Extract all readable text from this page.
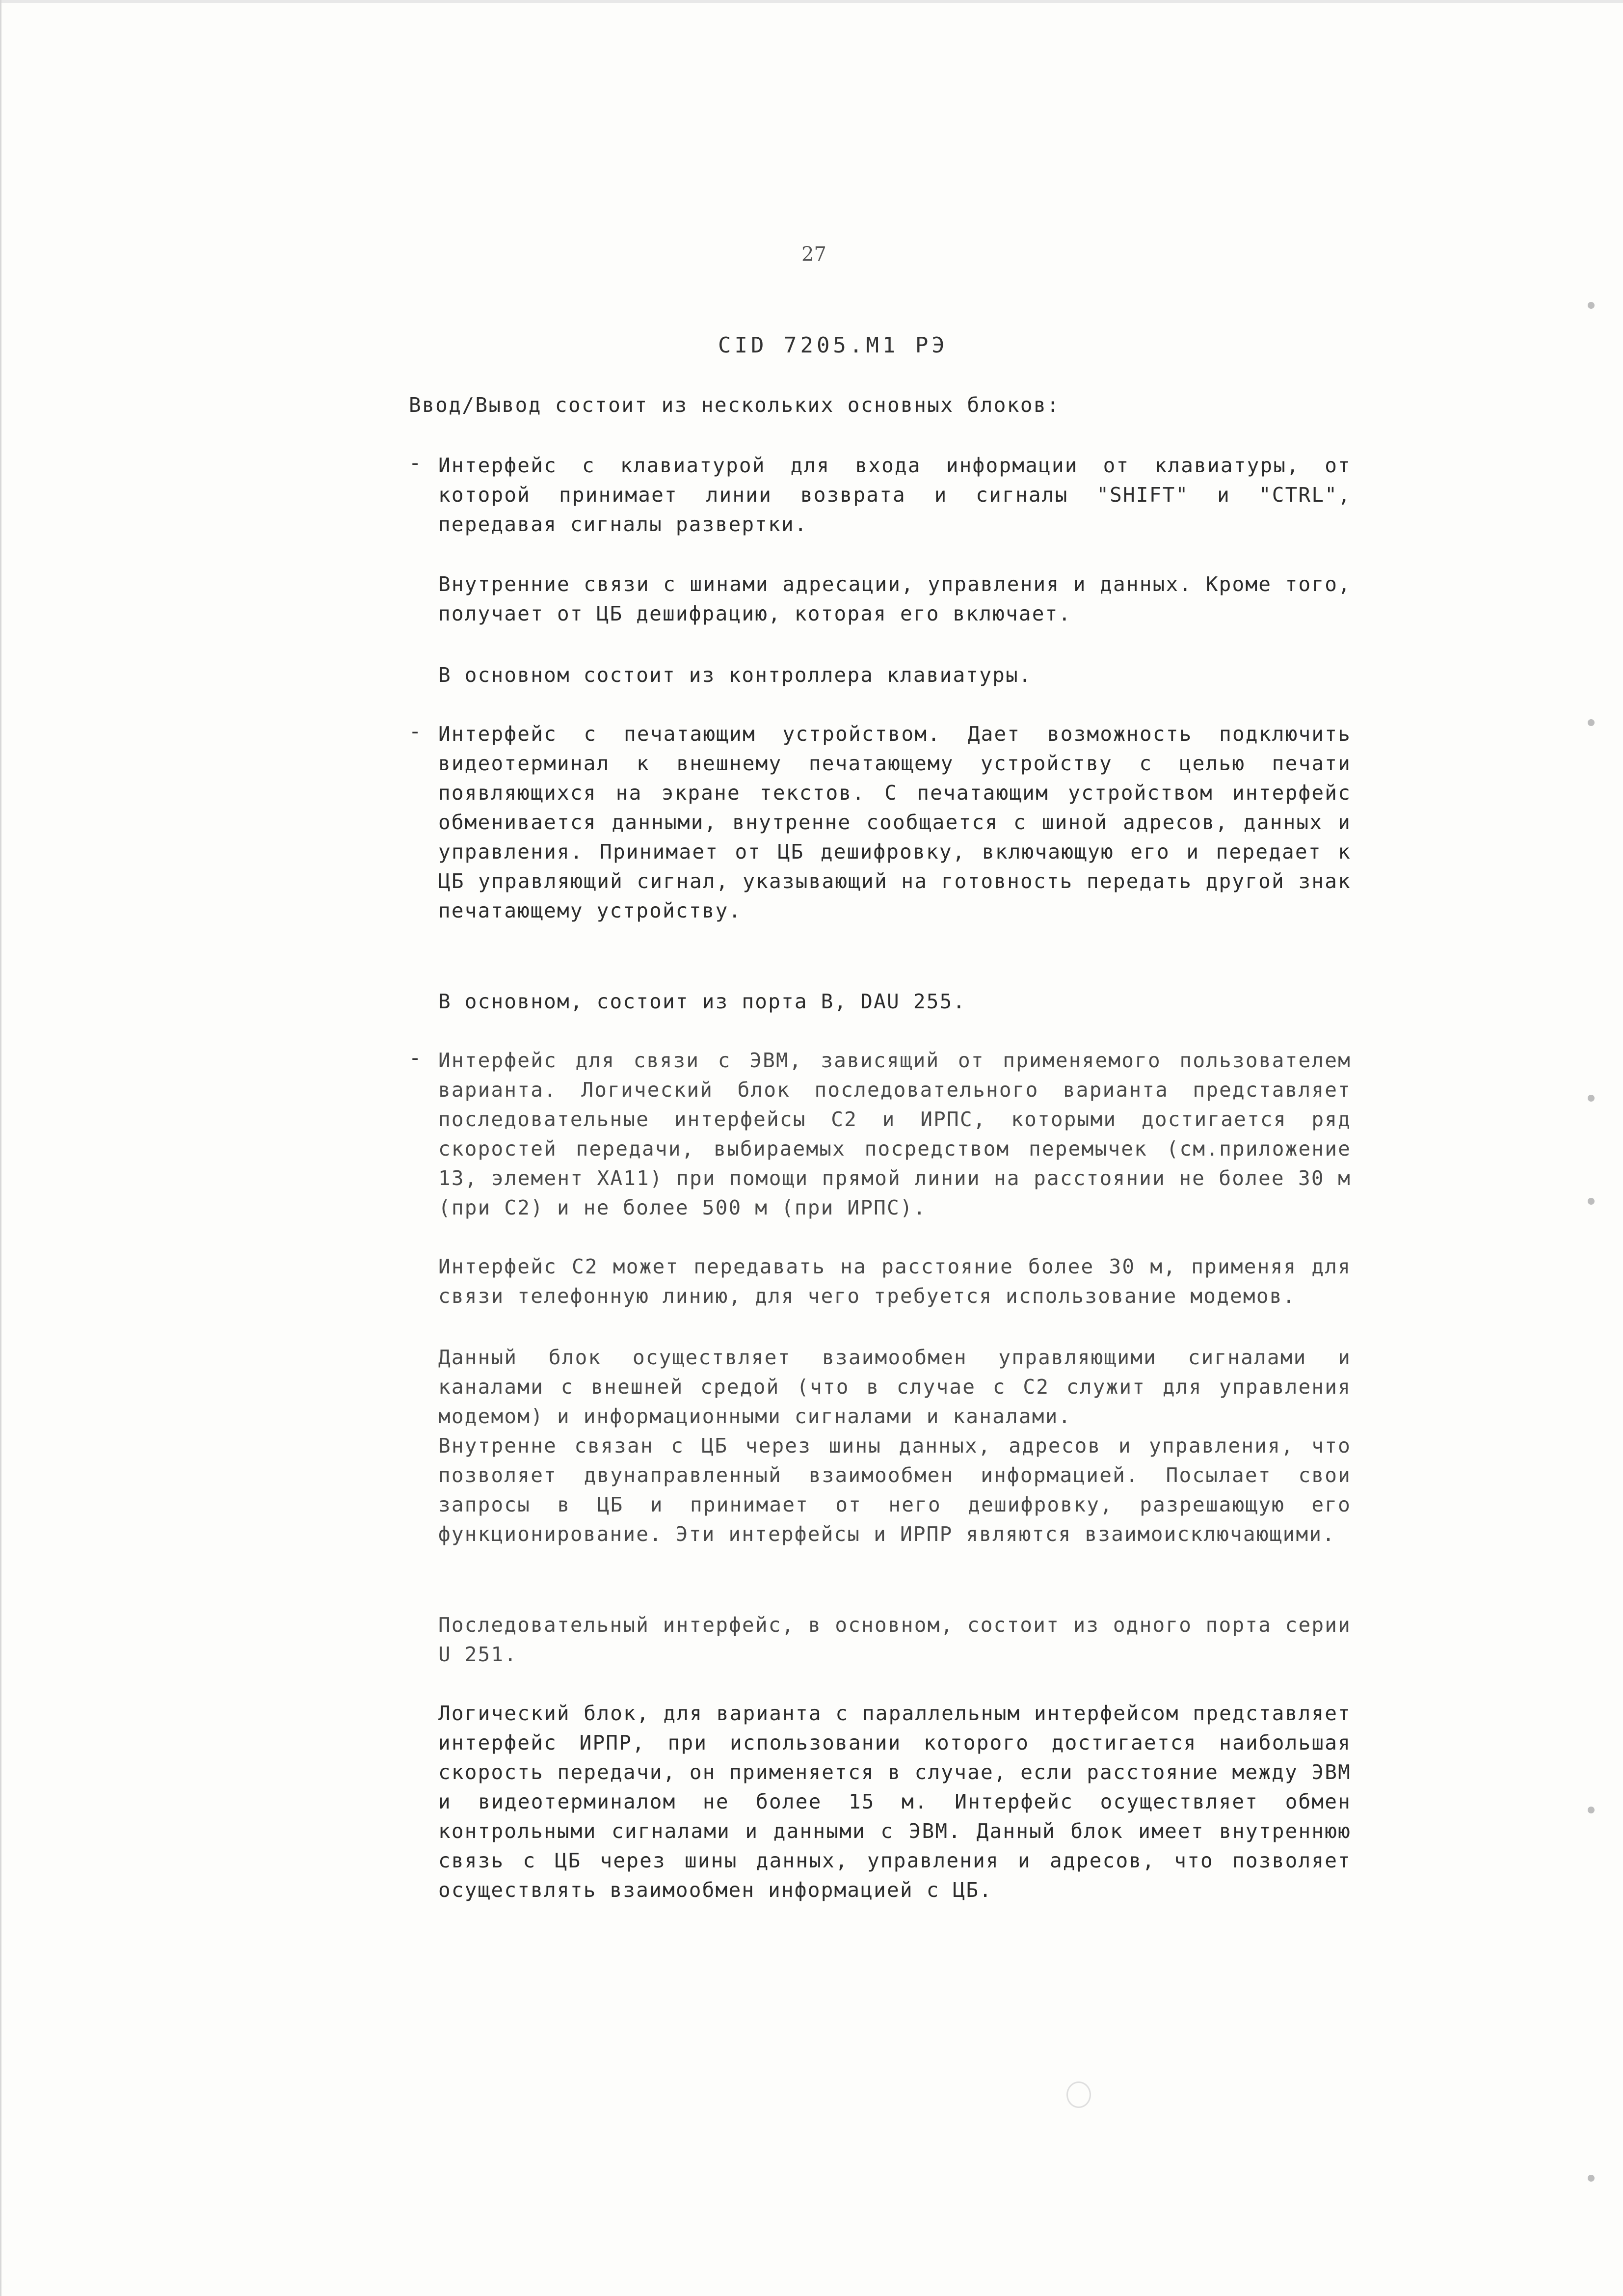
27
CID 7205.M1 РЭ
Ввод/Вывод состоит из нескольких основных блоков:
- Интерфейс с клавиатурой для входа информации от клавиатуры, от которой принимает линии возврата и сигналы "SHIFT" и "CTRL", передавая сигналы развертки.
Внутренние связи с шинами адресации, управления и данных. Кроме того, получает от ЦБ дешифрацию, которая его включает.
В основном состоит из контроллера клавиатуры.
- Интерфейс с печатающим устройством. Дает возможность подключить видеотерминал к внешнему печатающему устройству с целью печати появляющихся на экране текстов. С печатающим устройством интерфейс обменивается данными, внутренне сообщается с шиной адресов, данных и управления. Принимает от ЦБ дешифровку, включающую его и передает к ЦБ управляющий сигнал, указывающий на готовность передать другой знак печатающему устройству.
В основном, состоит из порта В, DAU 255.
- Интерфейс для связи с ЭВМ, зависящий от применяемого пользователем варианта. Логический блок последовательного варианта представляет последовательные интерфейсы С2 и ИРПС, которыми достигается ряд скоростей передачи, выбираемых посредством перемычек (см.приложение 13, элемент ХА11) при помощи прямой линии на расстоянии не более 30 м (при С2) и не более 500 м (при ИРПС).
Интерфейс С2 может передавать на расстояние более 30 м, применяя для связи телефонную линию, для чего требуется использование модемов.
Данный блок осуществляет взаимообмен управляющими сигналами и каналами с внешней средой (что в случае с С2 служит для управления модемом) и информационными сигналами и каналами.
Внутренне связан с ЦБ через шины данных, адресов и управления, что позволяет двунаправленный взаимообмен информацией. Посылает свои запросы в ЦБ и принимает от него дешифровку, разрешающую его функционирование. Эти интерфейсы и ИРПР являются взаимоисключающими.
Последовательный интерфейс, в основном, состоит из одного порта серии U 251.
Логический блок, для варианта с параллельным интерфейсом представляет интерфейс ИРПР, при использовании которого достигается наибольшая скорость передачи, он применяется в случае, если расстояние между ЭВМ и видеотерминалом не более 15 м. Интерфейс осуществляет обмен контрольными сигналами и данными с ЭВМ. Данный блок имеет внутреннюю связь с ЦБ через шины данных, управления и адресов, что позволяет осуществлять взаимообмен информацией с ЦБ.
